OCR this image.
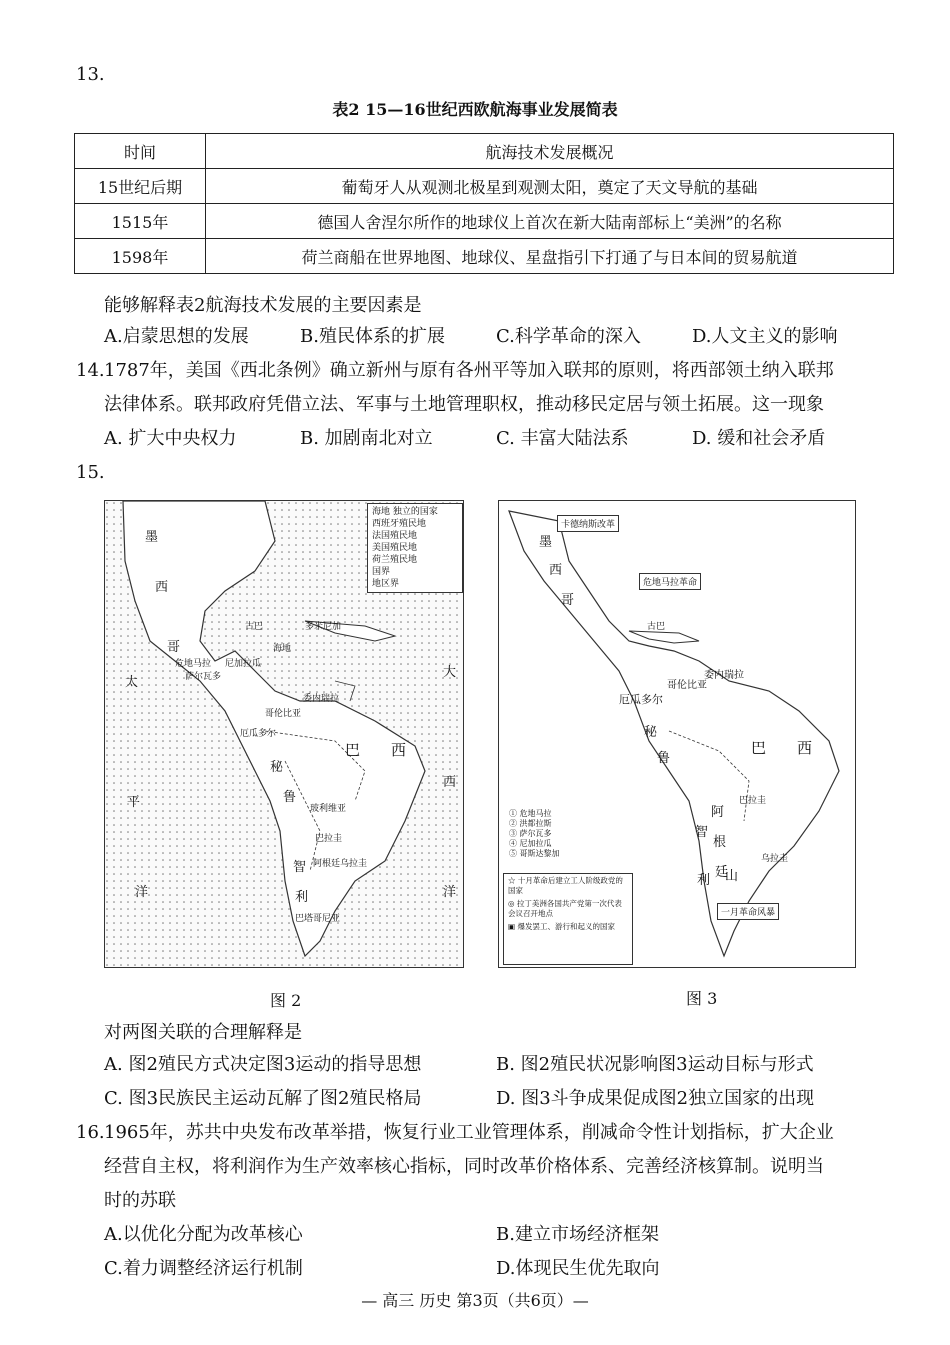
13.
表2 15—16世纪西欧航海事业发展简表
时间	航海技术发展概况
15世纪后期	葡萄牙人从观测北极星到观测太阳，奠定了天文导航的基础
1515年	德国人舍涅尔所作的地球仪上首次在新大陆南部标上“美洲”的名称
1598年	荷兰商船在世界地图、地球仪、星盘指引下打通了与日本间的贸易航道
能够解释表2航海技术发展的主要因素是
A.启蒙思想的发展	B.殖民体系的扩展	C.科学革命的深入	D.人文主义的影响
14. 1787年，美国《西北条例》确立新州与原有各州平等加入联邦的原则，将西部领土纳入联邦
法律体系。联邦政府凭借立法、军事与土地管理职权，推动移民定居与领土拓展。这一现象
A. 扩大中央权力	B. 加剧南北对立	C. 丰富大陆法系	D. 缓和社会矛盾
15.
海地 独立的国家
西班牙殖民地
法国殖民地
美国殖民地
荷兰殖民地
国界
地区界
墨
西
哥
太
平
洋
大
西
洋
巴 西
危地马拉
萨尔瓦多
尼加拉瓜
哥伦比亚
委内瑞拉
厄瓜多尔
秘
鲁
玻利维亚
巴拉圭
智
利
阿根廷 乌拉圭
巴塔哥尼亚
海地
多米尼加
古巴
图 2
卡德纳斯改革
危地马拉革命
一月革命风暴
墨
西
哥
委内瑞拉
哥伦比亚
厄瓜多尔
秘
鲁
巴 西
阿
根
廷
智
利 山
巴拉圭
乌拉圭
古巴
① 危地马拉
② 洪都拉斯
③ 萨尔瓦多
④ 尼加拉瓜
⑤ 哥斯达黎加
☆ 十月革命后建立工人阶级政党的国家
◎ 拉丁美洲各国共产党第一次代表会议召开地点
▣ 爆发罢工、游行和起义的国家
图 3
对两图关联的合理解释是
A. 图2殖民方式决定图3运动的指导思想	B. 图2殖民状况影响图3运动目标与形式
C. 图3民族民主运动瓦解了图2殖民格局	D. 图3斗争成果促成图2独立国家的出现
16. 1965年，苏共中央发布改革举措，恢复行业工业管理体系，削减命令性计划指标，扩大企业
经营自主权，将利润作为生产效率核心指标，同时改革价格体系、完善经济核算制。说明当
时的苏联
A.以优化分配为改革核心	B.建立市场经济框架
C.着力调整经济运行机制	D.体现民生优先取向
— 高三 历史 第3页（共6页）—
